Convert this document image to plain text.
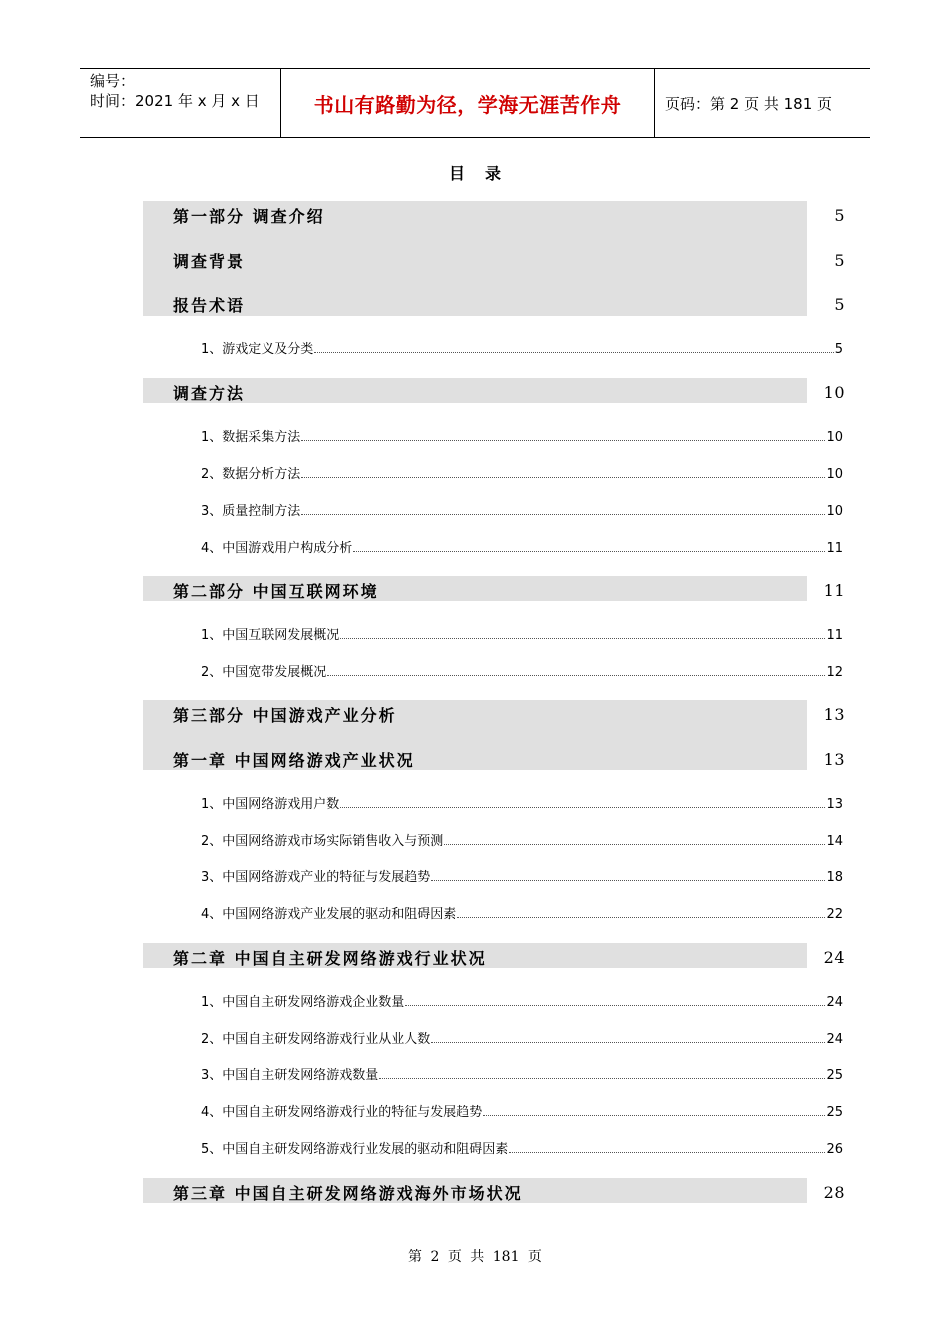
编号：
时间：2021 年 x 月 x 日	书山有路勤为径，学海无涯苦作舟	页码：第 2 页 共 181 页
目录
第一部分 调查介绍	5
调查背景	5
报告术语	5
1、游戏定义及分类	5
调查方法	10
1、数据采集方法	10
2、数据分析方法	10
3、质量控制方法	10
4、中国游戏用户构成分析	11
第二部分 中国互联网环境	11
1、中国互联网发展概况	11
2、中国宽带发展概况	12
第三部分 中国游戏产业分析	13
第一章 中国网络游戏产业状况	13
1、中国网络游戏用户数	13
2、中国网络游戏市场实际销售收入与预测	14
3、中国网络游戏产业的特征与发展趋势	18
4、中国网络游戏产业发展的驱动和阻碍因素	22
第二章 中国自主研发网络游戏行业状况	24
1、中国自主研发网络游戏企业数量	24
2、中国自主研发网络游戏行业从业人数	24
3、中国自主研发网络游戏数量	25
4、中国自主研发网络游戏行业的特征与发展趋势	25
5、中国自主研发网络游戏行业发展的驱动和阻碍因素	26
第三章 中国自主研发网络游戏海外市场状况	28
第 2 页 共 181 页
